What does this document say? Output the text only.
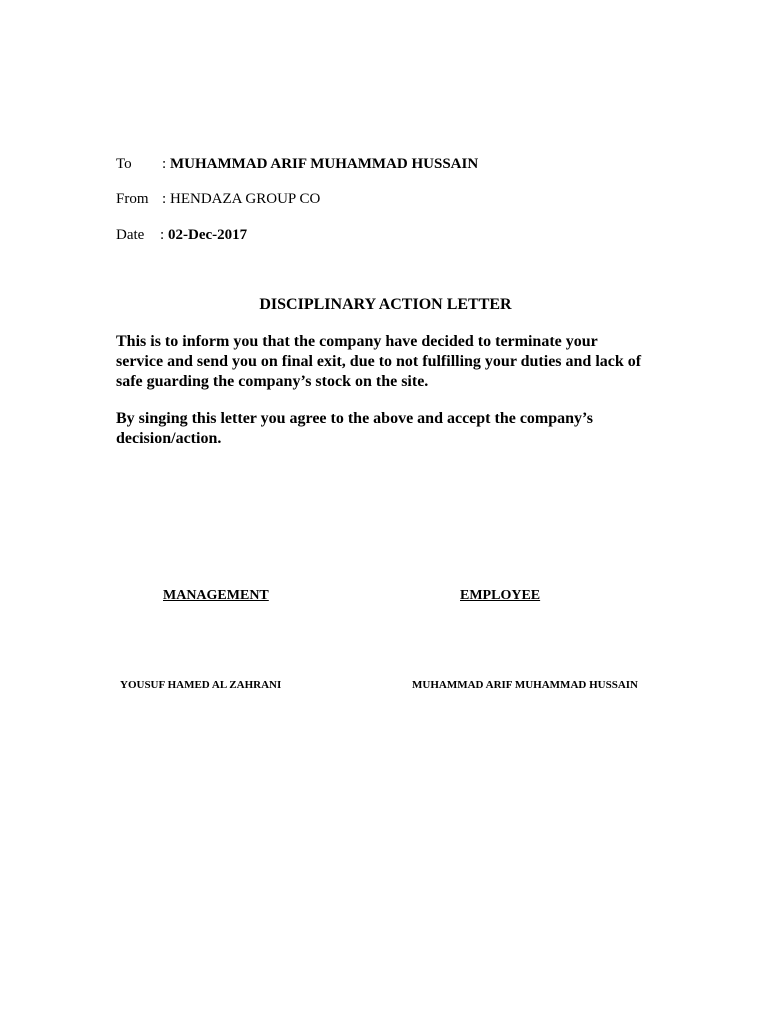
To : MUHAMMAD ARIF MUHAMMAD HUSSAIN
From : HENDAZA GROUP CO
Date : 02-Dec-2017
DISCIPLINARY ACTION LETTER

This is to inform you that the company have decided to terminate your service and send you on final exit, due to not fulfilling your duties and lack of safe guarding the company’s stock on the site.

By singing this letter you agree to the above and accept the company’s decision/action.

MANAGEMENT	EMPLOYEE
YOUSUF HAMED AL ZAHRANI	MUHAMMAD ARIF MUHAMMAD HUSSAIN
